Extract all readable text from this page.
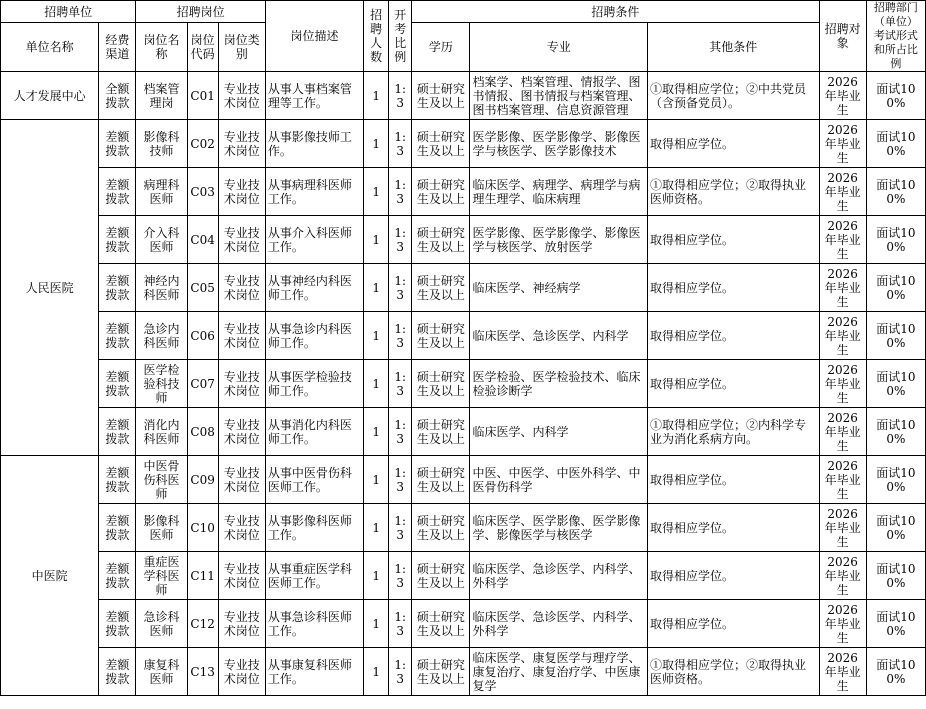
招聘单位		招聘岗位			岗位描述	招聘人数	开考比例	招聘条件			招聘对象	招聘部门（单位）考试形式和所占比例
单位名称	经费渠道	岗位名称	岗位代码	岗位类别				学历	专业	其他条件		
人才发展中心	全额拨款	档案管理岗	C01	专业技术岗位	从事人事档案管理等工作。	1	1:3	硕士研究生及以上	档案学、档案管理、情报学、图书情报、图书情报与档案管理、图书档案管理、信息资源管理	①取得相应学位；②中共党员（含预备党员）。	2026年毕业生	面试100%
人民医院	差额拨款	影像科技师	C02	专业技术岗位	从事影像技师工作。	1	1:3	硕士研究生及以上	医学影像、医学影像学、影像医学与核医学、医学影像技术	取得相应学位。	2026年毕业生	面试100%
	差额拨款	病理科医师	C03	专业技术岗位	从事病理科医师工作。	1	1:3	硕士研究生及以上	临床医学、病理学、病理学与病理生理学、临床病理	①取得相应学位；②取得执业医师资格。	2026年毕业生	面试100%
	差额拨款	介入科医师	C04	专业技术岗位	从事介入科医师工作。	1	1:3	硕士研究生及以上	医学影像、医学影像学、影像医学与核医学、放射医学	取得相应学位。	2026年毕业生	面试100%
	差额拨款	神经内科医师	C05	专业技术岗位	从事神经内科医师工作。	1	1:3	硕士研究生及以上	临床医学、神经病学	取得相应学位。	2026年毕业生	面试100%
	差额拨款	急诊内科医师	C06	专业技术岗位	从事急诊内科医师工作。	1	1:3	硕士研究生及以上	临床医学、急诊医学、内科学	取得相应学位。	2026年毕业生	面试100%
	差额拨款	医学检验科技师	C07	专业技术岗位	从事医学检验技师工作。	1	1:3	硕士研究生及以上	医学检验、医学检验技术、临床检验诊断学	取得相应学位。	2026年毕业生	面试100%
	差额拨款	消化内科医师	C08	专业技术岗位	从事消化内科医师工作。	1	1:3	硕士研究生及以上	临床医学、内科学	①取得相应学位；②内科学专业为消化系病方向。	2026年毕业生	面试100%
中医院	差额拨款	中医骨伤科医师	C09	专业技术岗位	从事中医骨伤科医师工作。	1	1:3	硕士研究生及以上	中医、中医学、中医外科学、中医骨伤科学	取得相应学位。	2026年毕业生	面试100%
	差额拨款	影像科医师	C10	专业技术岗位	从事影像科医师工作。	1	1:3	硕士研究生及以上	临床医学、医学影像、医学影像学、影像医学与核医学	取得相应学位。	2026年毕业生	面试100%
	差额拨款	重症医学科医师	C11	专业技术岗位	从事重症医学科医师工作。	1	1:3	硕士研究生及以上	临床医学、急诊医学、内科学、外科学	取得相应学位。	2026年毕业生	面试100%
	差额拨款	急诊科医师	C12	专业技术岗位	从事急诊科医师工作。	1	1:3	硕士研究生及以上	临床医学、急诊医学、内科学、外科学	取得相应学位。	2026年毕业生	面试100%
	差额拨款	康复科医师	C13	专业技术岗位	从事康复科医师工作。	1	1:3	硕士研究生及以上	临床医学、康复医学与理疗学、康复治疗、康复治疗学、中医康复学	①取得相应学位；②取得执业医师资格。	2026年毕业生	面试100%
